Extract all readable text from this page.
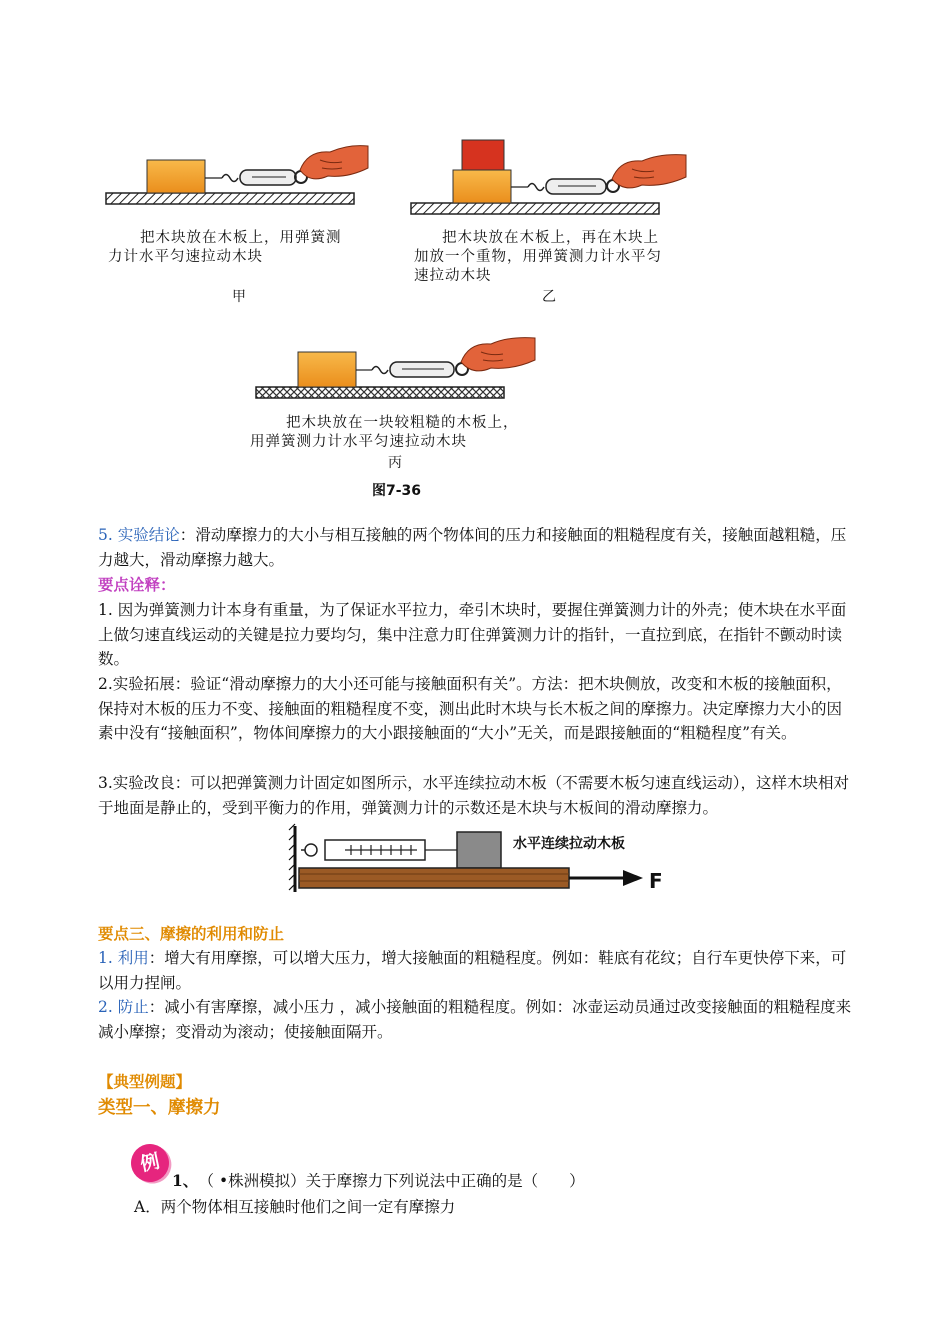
把木块放在木板上，用弹簧测
力计水平匀速拉动木块
甲
把木块放在木板上，再在木块上
加放一个重物，用弹簧测力计水平匀
速拉动木块
乙
把木块放在一块较粗糙的木板上，
用弹簧测力计水平匀速拉动木块
丙
图7-36

5. 实验结论：滑动摩擦力的大小与相互接触的两个物体间的压力和接触面的粗糙程度有关，接触面越粗糙，压力越大，滑动摩擦力越大。

要点诠释：

1. 因为弹簧测力计本身有重量，为了保证水平拉力，牵引木块时，要握住弹簧测力计的外壳；使木块在水平面上做匀速直线运动的关键是拉力要均匀，集中注意力盯住弹簧测力计的指针，一直拉到底，在指针不颤动时读数。

2.实验拓展：验证“滑动摩擦力的大小还可能与接触面积有关”。方法：把木块侧放，改变和木板的接触面积，保持对木板的压力不变、接触面的粗糙程度不变，测出此时木块与长木板之间的摩擦力。决定摩擦力大小的因素中没有“接触面积”，物体间摩擦力的大小跟接触面的“大小”无关，而是跟接触面的“粗糙程度”有关。

3.实验改良：可以把弹簧测力计固定如图所示，水平连续拉动木板（不需要木板匀速直线运动），这样木块相对于地面是静止的，受到平衡力的作用，弹簧测力计的示数还是木块与木板间的滑动摩擦力。

水平连续拉动木板
F
要点三、摩擦的利用和防止

1. 利用：增大有用摩擦，可以增大压力，增大接触面的粗糙程度。例如：鞋底有花纹；自行车更快停下来，可以用力捏闸。

2. 防止：减小有害摩擦，减小压力 ，减小接触面的粗糙程度。例如：冰壶运动员通过改变接触面的粗糙程度来减小摩擦；变滑动为滚动；使接触面隔开。

【典型例题】
类型一、摩擦力
例
1、 （ •株洲模拟）关于摩擦力下列说法中正确的是（　　）
A．两个物体相互接触时他们之间一定有摩擦力
